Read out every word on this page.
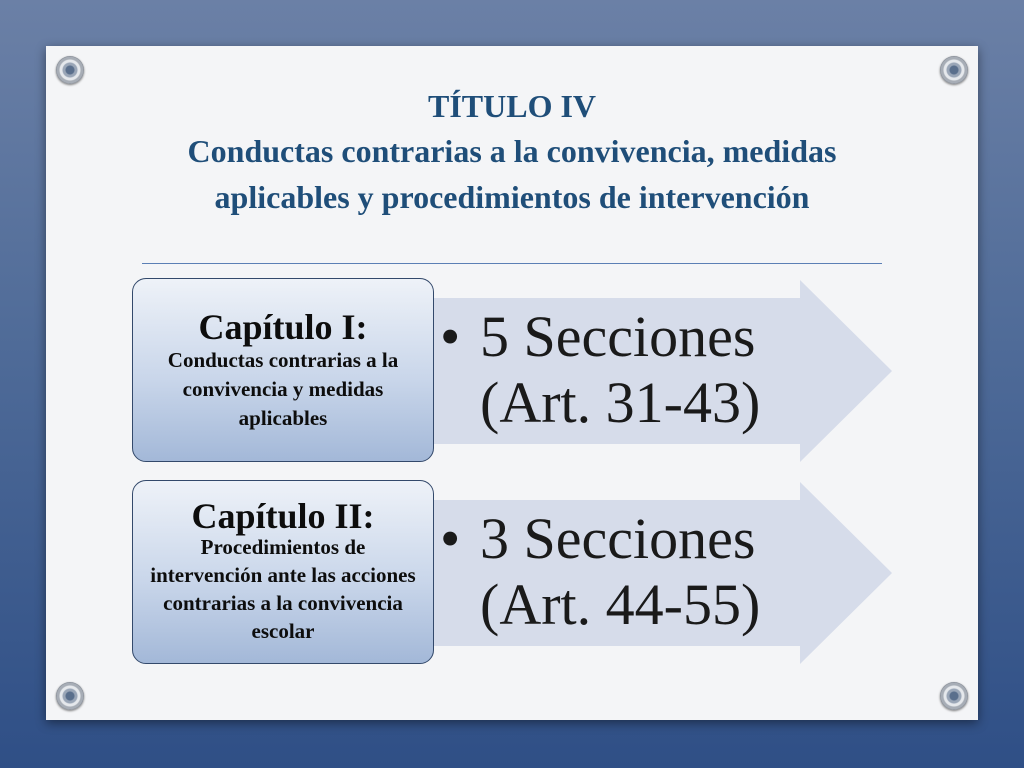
TÍTULO IV
Conductas contrarias a la convivencia, medidas aplicables y procedimientos de intervención
Capítulo I:
Conductas contrarias a la convivencia y medidas aplicables
• 5 Secciones
(Art. 31-43)
Capítulo II:
Procedimientos de intervención ante las acciones contrarias a la convivencia escolar
• 3 Secciones
(Art. 44-55)
